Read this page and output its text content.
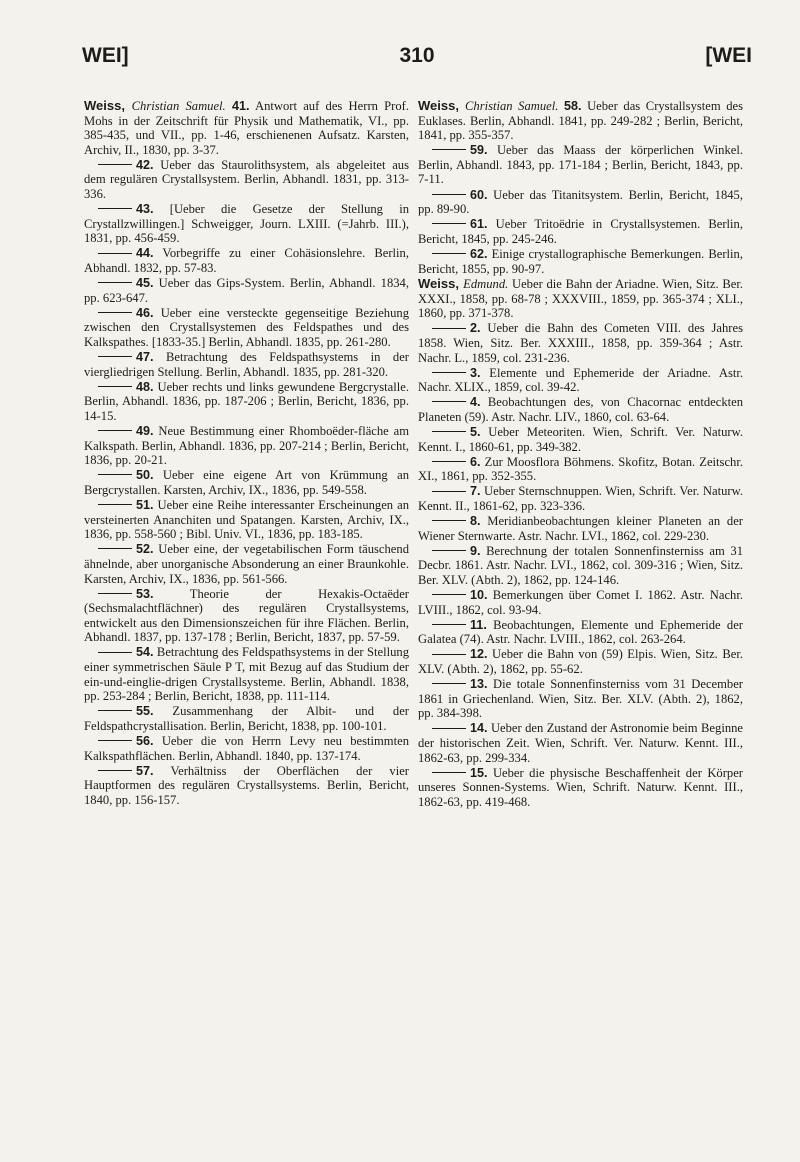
WEI]	310	[WEI

Weiss, Christian Samuel. 41. Antwort auf des Herrn Prof. Mohs in der Zeitschrift für Physik und Mathematik, VI., pp. 385-435, und VII., pp. 1-46, erschienenen Aufsatz. Karsten, Archiv, II., 1830, pp. 3-37.

42. Ueber das Staurolithsystem, als abgeleitet aus dem regulären Crystallsystem. Berlin, Abhandl. 1831, pp. 313-336.

43. [Ueber die Gesetze der Stellung in Crystallzwillingen.] Schweigger, Journ. LXIII. (=Jahrb. III.), 1831, pp. 456-459.

44. Vorbegriffe zu einer Cohäsionslehre. Berlin, Abhandl. 1832, pp. 57-83.

45. Ueber das Gips-System. Berlin, Abhandl. 1834, pp. 623-647.

46. Ueber eine versteckte gegenseitige Beziehung zwischen den Crystallsystemen des Feldspathes und des Kalkspathes. [1833-35.] Berlin, Abhandl. 1835, pp. 261-280.

47. Betrachtung des Feldspathsystems in der viergliedrigen Stellung. Berlin, Abhandl. 1835, pp. 281-320.

48. Ueber rechts und links gewundene Bergcrystalle. Berlin, Abhandl. 1836, pp. 187-206 ; Berlin, Bericht, 1836, pp. 14-15.

49. Neue Bestimmung einer Rhomboëder-fläche am Kalkspath. Berlin, Abhandl. 1836, pp. 207-214 ; Berlin, Bericht, 1836, pp. 20-21.

50. Ueber eine eigene Art von Krümmung an Bergcrystallen. Karsten, Archiv, IX., 1836, pp. 549-558.

51. Ueber eine Reihe interessanter Erscheinungen an versteinerten Ananchiten und Spatangen. Karsten, Archiv, IX., 1836, pp. 558-560 ; Bibl. Univ. VI., 1836, pp. 183-185.

52. Ueber eine, der vegetabilischen Form täuschend ähnelnde, aber unorganische Absonderung an einer Braunkohle. Karsten, Archiv, IX., 1836, pp. 561-566.

53. Theorie der Hexakis-Octaëder (Sechsmalachtflächner) des regulären Crystallsystems, entwickelt aus den Dimensionszeichen für ihre Flächen. Berlin, Abhandl. 1837, pp. 137-178 ; Berlin, Bericht, 1837, pp. 57-59.

54. Betrachtung des Feldspathsystems in der Stellung einer symmetrischen Säule P T, mit Bezug auf das Studium der ein-und-einglie-drigen Crystallsysteme. Berlin, Abhandl. 1838, pp. 253-284 ; Berlin, Bericht, 1838, pp. 111-114.

55. Zusammenhang der Albit- und der Feldspathcrystallisation. Berlin, Bericht, 1838, pp. 100-101.

56. Ueber die von Herrn Levy neu bestimmten Kalkspathflächen. Berlin, Abhandl. 1840, pp. 137-174.

57. Verhältniss der Oberflächen der vier Hauptformen des regulären Crystallsystems. Berlin, Bericht, 1840, pp. 156-157.

Weiss, Christian Samuel. 58. Ueber das Crystallsystem des Euklases. Berlin, Abhandl. 1841, pp. 249-282 ; Berlin, Bericht, 1841, pp. 355-357.

59. Ueber das Maass der körperlichen Winkel. Berlin, Abhandl. 1843, pp. 171-184 ; Berlin, Bericht, 1843, pp. 7-11.

60. Ueber das Titanitsystem. Berlin, Bericht, 1845, pp. 89-90.

61. Ueber Tritoëdrie in Crystallsystemen. Berlin, Bericht, 1845, pp. 245-246.

62. Einige crystallographische Bemerkungen. Berlin, Bericht, 1855, pp. 90-97.

Weiss, Edmund. Ueber die Bahn der Ariadne. Wien, Sitz. Ber. XXXI., 1858, pp. 68-78 ; XXXVIII., 1859, pp. 365-374 ; XLI., 1860, pp. 371-378.

2. Ueber die Bahn des Cometen VIII. des Jahres 1858. Wien, Sitz. Ber. XXXIII., 1858, pp. 359-364 ; Astr. Nachr. L., 1859, col. 231-236.

3. Elemente und Ephemeride der Ariadne. Astr. Nachr. XLIX., 1859, col. 39-42.

4. Beobachtungen des, von Chacornac entdeckten Planeten (59). Astr. Nachr. LIV., 1860, col. 63-64.

5. Ueber Meteoriten. Wien, Schrift. Ver. Naturw. Kennt. I., 1860-61, pp. 349-382.

6. Zur Moosflora Böhmens. Skofitz, Botan. Zeitschr. XI., 1861, pp. 352-355.

7. Ueber Sternschnuppen. Wien, Schrift. Ver. Naturw. Kennt. II., 1861-62, pp. 323-336.

8. Meridianbeobachtungen kleiner Planeten an der Wiener Sternwarte. Astr. Nachr. LVI., 1862, col. 229-230.

9. Berechnung der totalen Sonnenfinsterniss am 31 Decbr. 1861. Astr. Nachr. LVI., 1862, col. 309-316 ; Wien, Sitz. Ber. XLV. (Abth. 2), 1862, pp. 124-146.

10. Bemerkungen über Comet I. 1862. Astr. Nachr. LVIII., 1862, col. 93-94.

11. Beobachtungen, Elemente und Ephemeride der Galatea (74). Astr. Nachr. LVIII., 1862, col. 263-264.

12. Ueber die Bahn von (59) Elpis. Wien, Sitz. Ber. XLV. (Abth. 2), 1862, pp. 55-62.

13. Die totale Sonnenfinsterniss vom 31 December 1861 in Griechenland. Wien, Sitz. Ber. XLV. (Abth. 2), 1862, pp. 384-398.

14. Ueber den Zustand der Astronomie beim Beginne der historischen Zeit. Wien, Schrift. Ver. Naturw. Kennt. III., 1862-63, pp. 299-334.

15. Ueber die physische Beschaffenheit der Körper unseres Sonnen-Systems. Wien, Schrift. Naturw. Kennt. III., 1862-63, pp. 419-468.
